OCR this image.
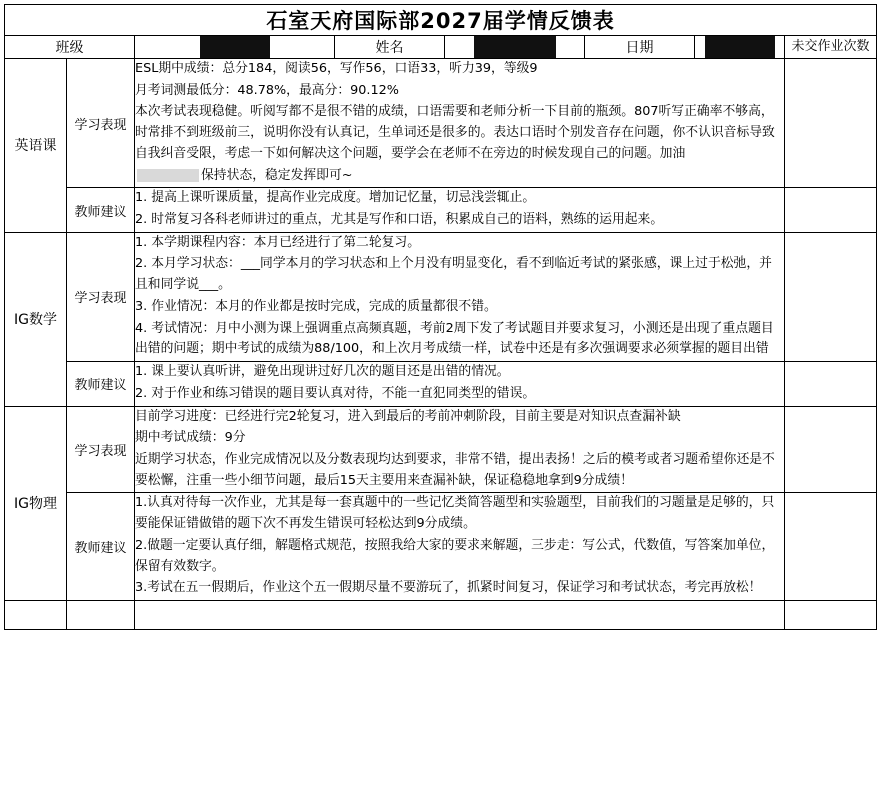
石室天府国际部2027届学情反馈表							
班级			姓名		日期		未交作业次数
英语课	学习表现	ESL期中成绩：总分184，阅读56，写作56，口语33，听力39，等级9

月考词测最低分：48.78%，最高分：90.12%

本次考试表现稳健。听阅写都不是很不错的成绩，口语需要和老师分析一下目前的瓶颈。807听写正确率不够高，时常排不到班级前三，说明你没有认真记，生单词还是很多的。表达口语时个别发音存在问题，你不认识音标导致自我纠音受限，考虑一下如何解决这个问题，要学会在老师不在旁边的时候发现自己的问题。加油

保持状态，稳定发挥即可~					

	教师建议	1. 提高上课听课质量，提高作业完成度。增加记忆量，切忌浅尝辄止。

2. 时常复习各科老师讲过的重点，尤其是写作和口语，积累成自己的语料，熟练的运用起来。					

IG数学	学习表现	1. 本学期课程内容：本月已经进行了第二轮复习。

2. 本月学习状态：___同学本月的学习状态和上个月没有明显变化，看不到临近考试的紧张感，课上过于松弛，并且和同学说___。

3. 作业情况：本月的作业都是按时完成，完成的质量都很不错。

4. 考试情况：月中小测为课上强调重点高频真题，考前2周下发了考试题目并要求复习，小测还是出现了重点题目出错的问题；期中考试的成绩为88/100，和上次月考成绩一样，试卷中还是有多次强调要求必须掌握的题目出错					

	教师建议	1. 课上要认真听讲，避免出现讲过好几次的题目还是出错的情况。

2. 对于作业和练习错误的题目要认真对待，不能一直犯同类型的错误。					

IG物理	学习表现	目前学习进度：已经进行完2轮复习，进入到最后的考前冲刺阶段，目前主要是对知识点查漏补缺

期中考试成绩：9分

近期学习状态，作业完成情况以及分数表现均达到要求，非常不错，提出表扬！之后的模考或者习题希望你还是不要松懈，注重一些小细节问题，最后15天主要用来查漏补缺，保证稳稳地拿到9分成绩！					

	教师建议	1.认真对待每一次作业，尤其是每一套真题中的一些记忆类简答题型和实验题型，目前我们的习题量是足够的，只要能保证错做错的题下次不再发生错误可轻松达到9分成绩。

2.做题一定要认真仔细，解题格式规范，按照我给大家的要求来解题，三步走：写公式，代数值，写答案加单位，保留有效数字。

3.考试在五一假期后，作业这个五一假期尽量不要游玩了，抓紧时间复习，保证学习和考试状态，考完再放松！					
